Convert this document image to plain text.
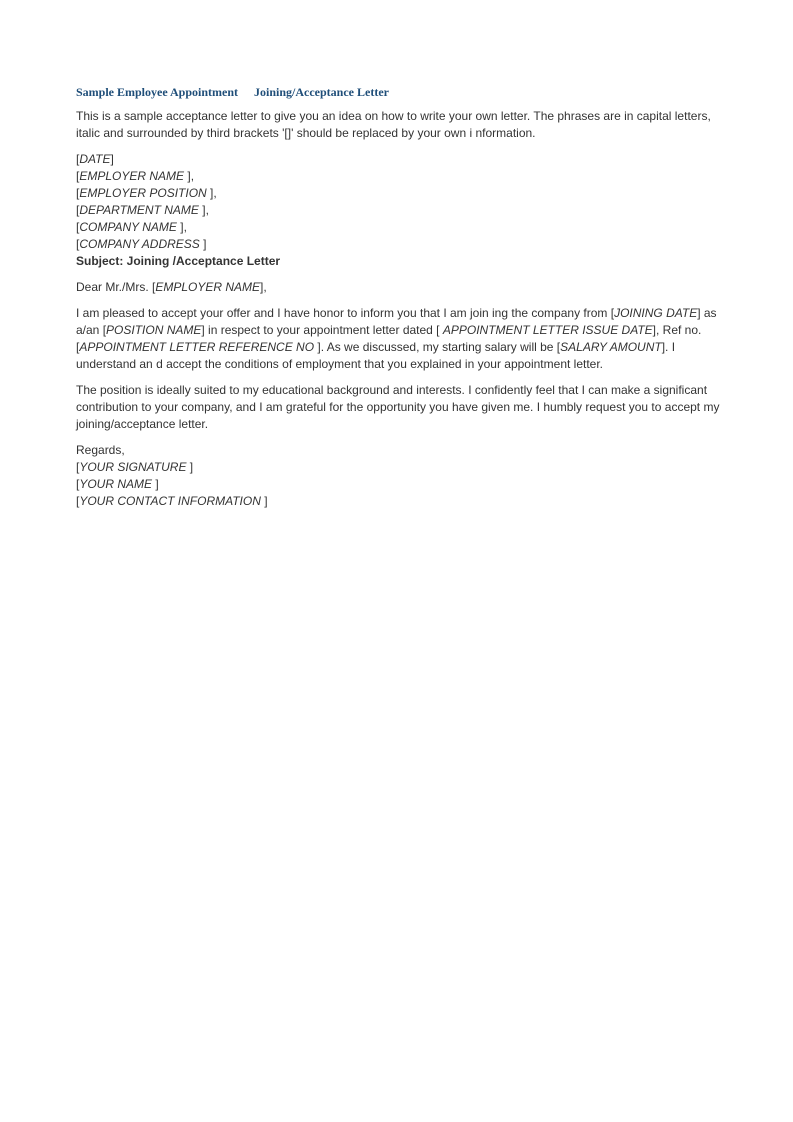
Sample Employee Appointment Joining/Acceptance Letter

This is a sample acceptance letter to give you an idea on how to write your own letter. The phrases are in capital letters, italic and surrounded by third brackets '[]' should be replaced by your own i nformation.

[DATE]
[EMPLOYER NAME ],
[EMPLOYER POSITION ],
[DEPARTMENT NAME ],
[COMPANY NAME ],
[COMPANY ADDRESS ]
Subject: Joining /Acceptance Letter

Dear Mr./Mrs. [EMPLOYER NAME],

I am pleased to accept your offer and I have honor to inform you that I am join ing the company from [JOINING DATE] as a/an [POSITION NAME] in respect to your appointment letter dated [ APPOINTMENT LETTER ISSUE DATE], Ref no. [APPOINTMENT LETTER REFERENCE NO ]. As we discussed, my starting salary will be [SALARY AMOUNT]. I understand an d accept the conditions of employment that you explained in your appointment letter.

The position is ideally suited to my educational background and interests. I confidently feel that I can make a significant contribution to your company, and I am grateful for the opportunity you have given me. I humbly request you to accept my joining/acceptance letter.

Regards,
[YOUR SIGNATURE ]
[YOUR NAME ]
[YOUR CONTACT INFORMATION ]
